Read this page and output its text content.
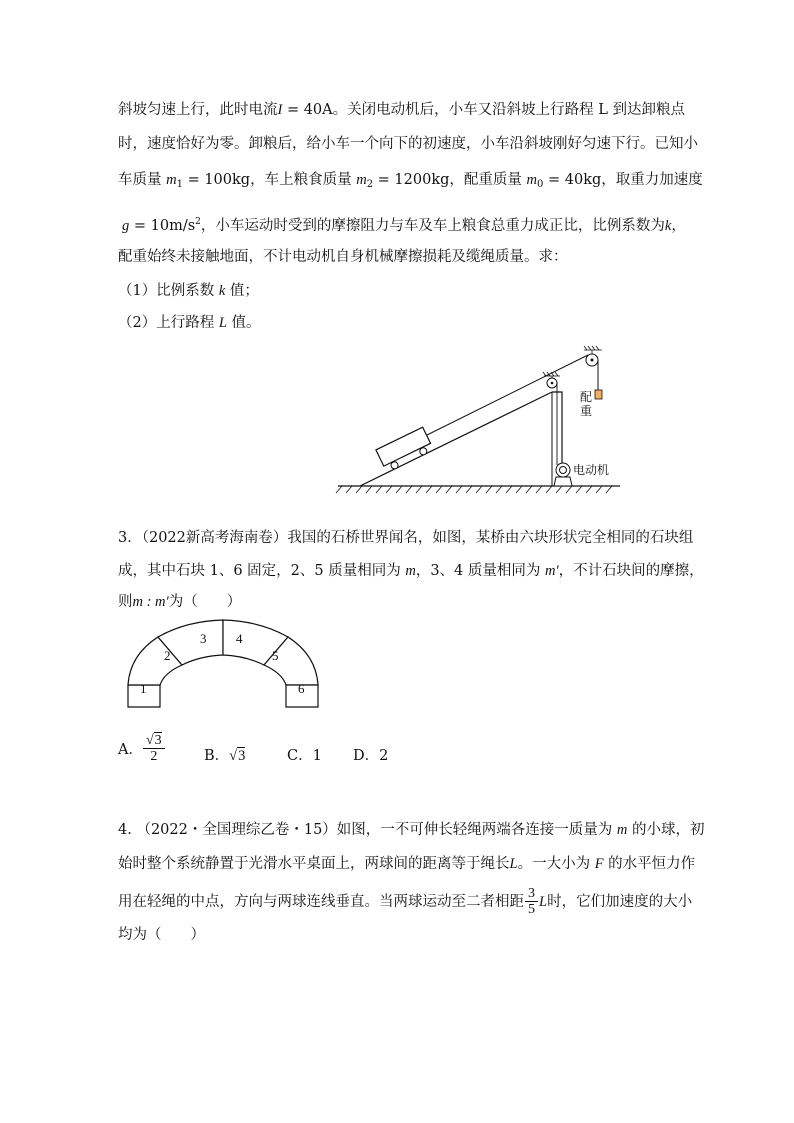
斜坡匀速上行，此时电流I = 40A。关闭电动机后，小车又沿斜坡上行路程 L 到达卸粮点
时，速度恰好为零。卸粮后，给小车一个向下的初速度，小车沿斜坡刚好匀速下行。已知小
车质量 $m_1 = 100kg$，车上粮食质量 $m_2 = 1200kg$，配重质量 $m_0 = 40kg$，取重力加速度
$g = 10m/s^2$，小车运动时受到的摩擦阻力与车及车上粮食总重力成正比，比例系数为k，
配重始终未接触地面，不计电动机自身机械摩擦损耗及缆绳质量。求：
（1）比例系数 k 值；
（2）上行路程 L 值。
配
重
电动机
3．（2022新高考海南卷）我国的石桥世界闻名，如图，某桥由六块形状完全相同的石块组
成，其中石块 1、6 固定，2、5 质量相同为 m，3、4 质量相同为 m′，不计石块间的摩擦，
则m : m′为（　　）
1
2
3 4
5
6
A． $\frac{√3}{2}$	B．√3	C．1 D．2
4. （2022・全国理综乙卷・15）如图，一不可伸长轻绳两端各连接一质量为 m 的小球，初
始时整个系统静置于光滑水平桌面上，两球间的距离等于绳长L。一大小为 F 的水平恒力作
用在轻绳的中点，方向与两球连线垂直。当两球运动至二者相距 $\frac{3}{5}$ L 时，它们加速度的大小
均为（　　）
